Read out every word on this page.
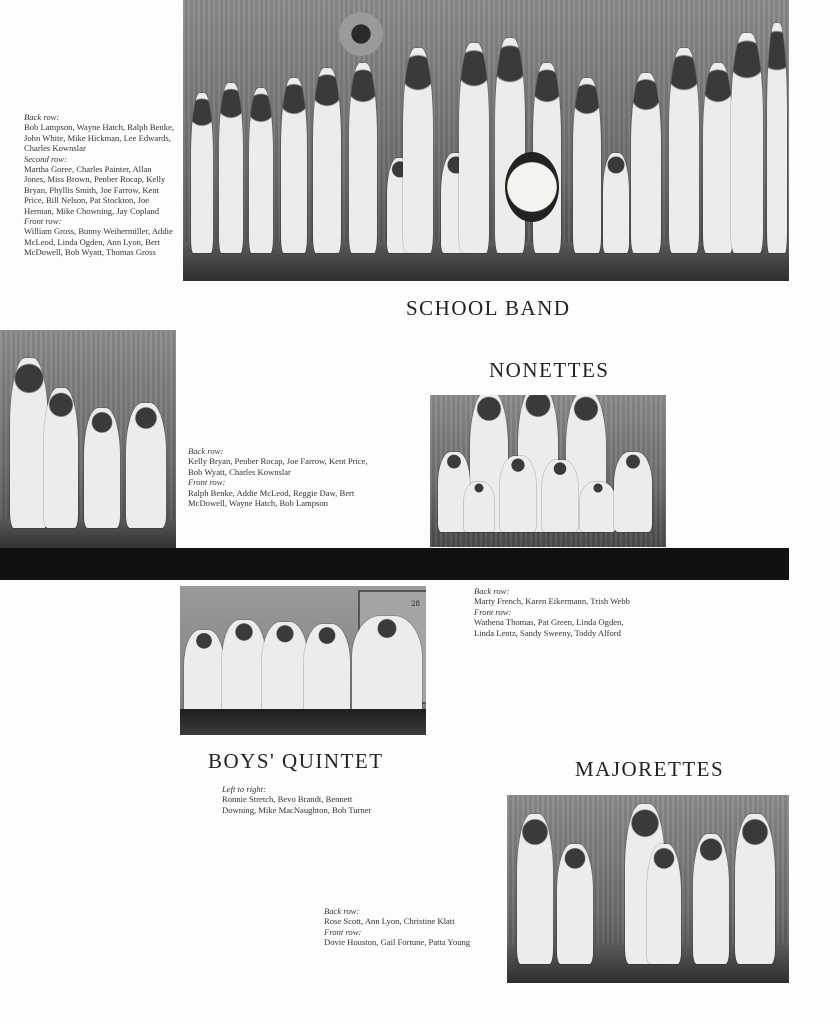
Back row:
Bob Lampson, Wayne Hatch, Ralph Benke, John White, Mike Hickman, Lee Edwards, Charles Kownslar
Second row:
Martha Goree, Charles Painter, Allan Jones, Miss Brown, Penber Rocap, Kelly Bryan, Phyllis Smith, Joe Farrow, Kent Price, Bill Nelson, Pat Stockton, Joe Herman, Mike Chowning, Jay Copland
Front row:
William Gross, Bunny Weihermiller, Addie McLeod, Linda Ogden, Ann Lyon, Bert McDowell, Bob Wyatt, Thomas Gross
SCHOOL BAND
Back row:
Kelly Bryan, Penber Rocap, Joe Farrow, Kent Price, Bob Wyatt, Charles Kownslar
Front row:
Ralph Benke, Addie McLeod, Reggie Daw, Bert McDowell, Wayne Hatch, Bob Lampson
NONETTES
28
Back row:
Marty French, Karen Eikermann, Trish Webb
Front row:
Wathena Thomas, Pat Green, Linda Ogden, Linda Lentz, Sandy Sweeny, Toddy Alford
BOYS' QUINTET
Left to right:
Ronnie Stretch, Bevo Brandt, Bennett Downing, Mike MacNaughton, Bob Turner
MAJORETTES
Back row:
Rose Scott, Ann Lyon, Christine Klatt
Front row:
Dovie Houston, Gail Fortune, Patta Young
